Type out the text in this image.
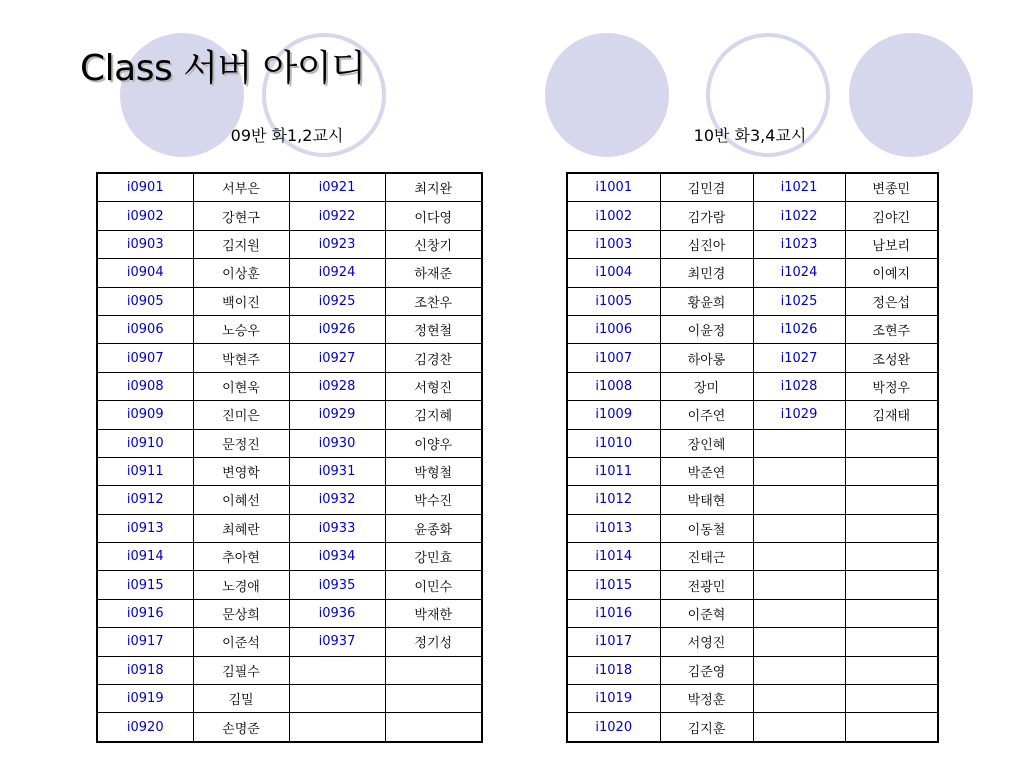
Class 서버 아이디
09반 화1,2교시	10반 화3,4교시
i0901	서부은	i0921	최지완
i0902	강현구	i0922	이다영
i0903	김지원	i0923	신창기
i0904	이상훈	i0924	하재준
i0905	백이진	i0925	조찬우
i0906	노승우	i0926	정현철
i0907	박현주	i0927	김경찬
i0908	이현욱	i0928	서형진
i0909	진미은	i0929	김지혜
i0910	문정진	i0930	이양우
i0911	변영학	i0931	박형철
i0912	이혜선	i0932	박수진
i0913	최혜란	i0933	윤종화
i0914	추아현	i0934	강민효
i0915	노경애	i0935	이민수
i0916	문상희	i0936	박재한
i0917	이준석	i0937	정기성
i0918	김필수		
i0919	김밀		
i0920	손명준		
i1001	김민겸	i1021	변종민
i1002	김가람	i1022	김야긴
i1003	심진아	i1023	남보리
i1004	최민경	i1024	이예지
i1005	황윤희	i1025	정은섭
i1006	이윤정	i1026	조현주
i1007	하아롱	i1027	조성완
i1008	장미	i1028	박정우
i1009	이주연	i1029	김재태
i1010	장인혜		
i1011	박준연		
i1012	박태현		
i1013	이동철		
i1014	진태근		
i1015	전광민		
i1016	이준혁		
i1017	서영진		
i1018	김준영		
i1019	박정훈		
i1020	김지훈		
